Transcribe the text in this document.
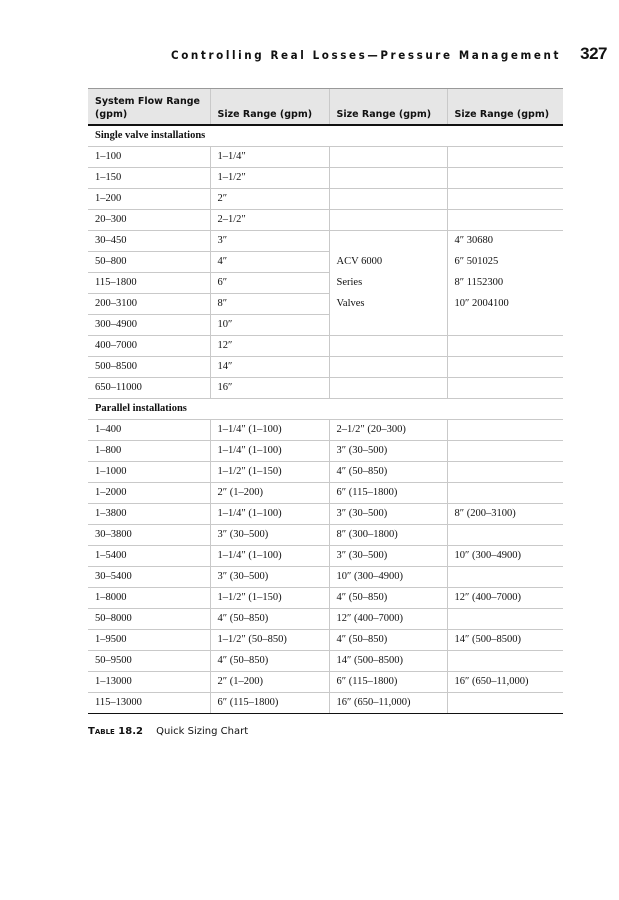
Controlling Real Losses—Pressure Management 327
System Flow Range (gpm)	Size Range (gpm)	Size Range (gpm)	Size Range (gpm)
Single valve installations			
1–100	1–1/4″		
1–150	1–1/2″		
1–200	2″		
20–300	2–1/2″		
30–450	3″		4″ 30680
50–800	4″	ACV 6000	6″ 501025
115–1800	6″	Series	8″ 1152300
200–3100	8″	Valves	10″ 2004100
300–4900	10″		
400–7000	12″		
500–8500	14″		
650–11000	16″		
Parallel installations			
1–400	1–1/4″ (1–100)	2–1/2″ (20–300)	
1–800	1–1/4″ (1–100)	3″ (30–500)	
1–1000	1–1/2″ (1–150)	4″ (50–850)	
1–2000	2″ (1–200)	6″ (115–1800)	
1–3800	1–1/4″ (1–100)	3″ (30–500)	8″ (200–3100)
30–3800	3″ (30–500)	8″ (300–1800)	
1–5400	1–1/4″ (1–100)	3″ (30–500)	10″ (300–4900)
30–5400	3″ (30–500)	10″ (300–4900)	
1–8000	1–1/2″ (1–150)	4″ (50–850)	12″ (400–7000)
50–8000	4″ (50–850)	12″ (400–7000)	
1–9500	1–1/2″ (50–850)	4″ (50–850)	14″ (500–8500)
50–9500	4″ (50–850)	14″ (500–8500)	
1–13000	2″ (1–200)	6″ (115–1800)	16″ (650–11,000)
115–13000	6″ (115–1800)	16″ (650–11,000)	
Table 18.2 Quick Sizing Chart
